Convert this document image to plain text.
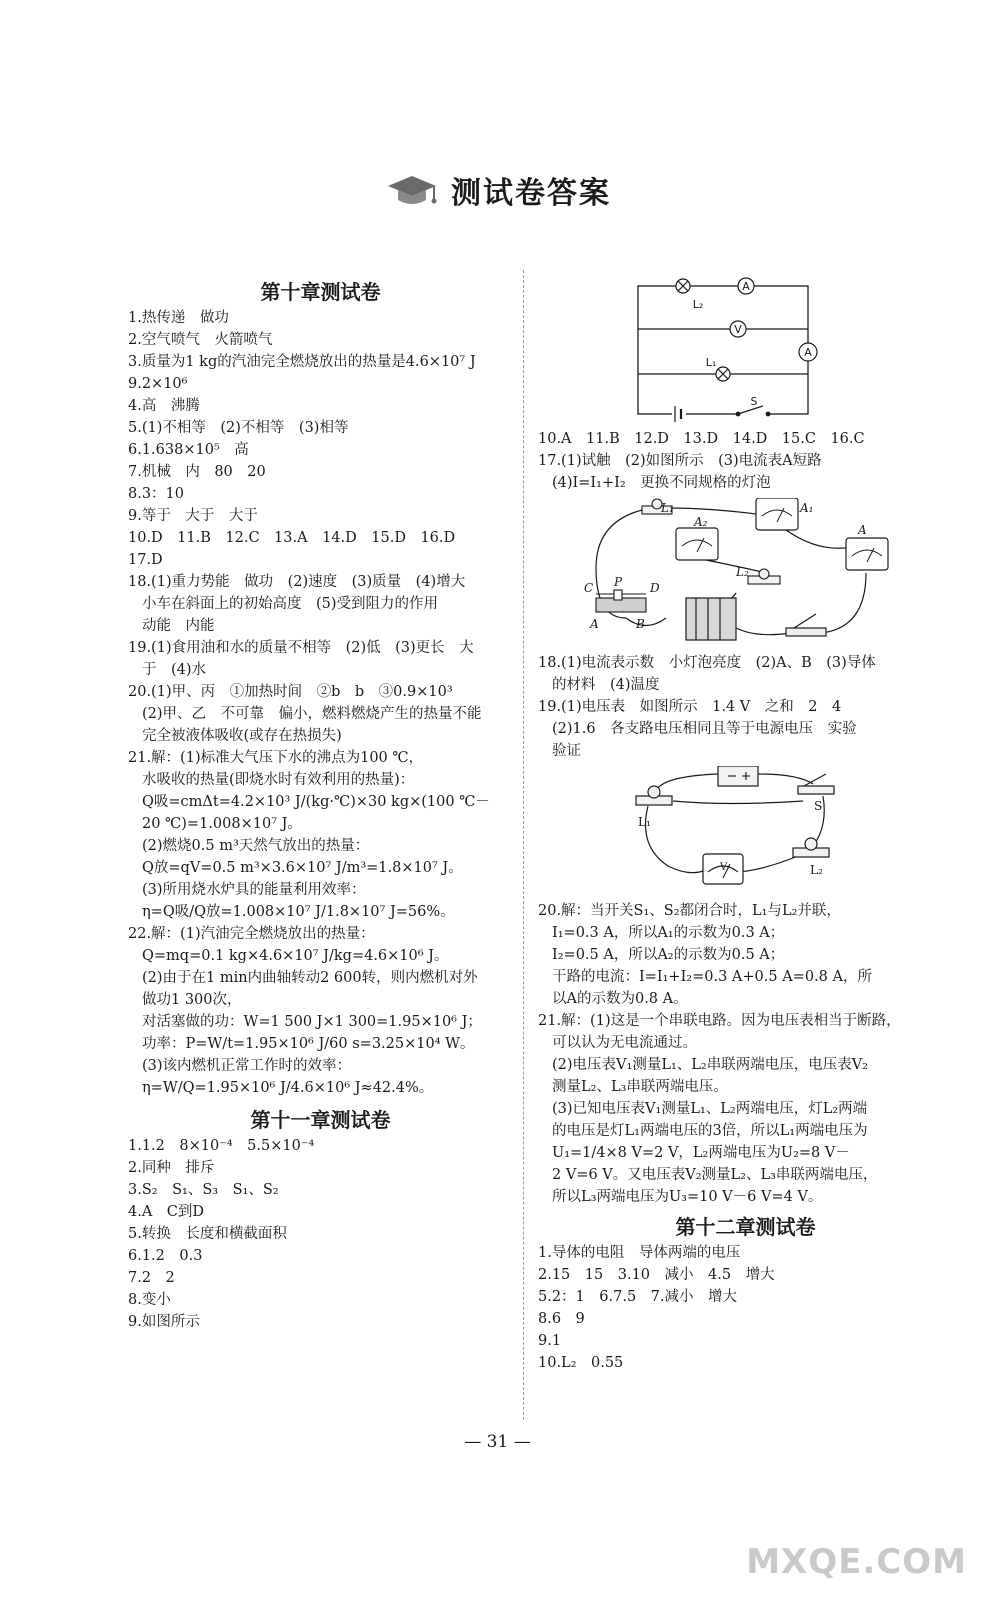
测试卷答案
第十章测试卷

1.热传递　做功

2.空气喷气　火箭喷气

3.质量为1 kg的汽油完全燃烧放出的热量是4.6×10⁷ J

9.2×10⁶

4.高　沸腾

5.(1)不相等　(2)不相等　(3)相等

6.1.638×10⁵　高

7.机械　内　80　20

8.3：10

9.等于　大于　大于

10.D　11.B　12.C　13.A　14.D　15.D　16.D

17.D

18.(1)重力势能　做功　(2)速度　(3)质量　(4)增大

小车在斜面上的初始高度　(5)受到阻力的作用

动能　内能

19.(1)食用油和水的质量不相等　(2)低　(3)更长　大

于　(4)水

20.(1)甲、丙　①加热时间　②b　b　③0.9×10³

(2)甲、乙　不可靠　偏小，燃料燃烧产生的热量不能

完全被液体吸收(或存在热损失)

21.解：(1)标准大气压下水的沸点为100 ℃，

水吸收的热量(即烧水时有效利用的热量)：

Q吸=cmΔt=4.2×10³ J/(kg·℃)×30 kg×(100 ℃－

20 ℃)=1.008×10⁷ J。

(2)燃烧0.5 m³天然气放出的热量：

Q放=qV=0.5 m³×3.6×10⁷ J/m³=1.8×10⁷ J。

(3)所用烧水炉具的能量利用效率：

η=Q吸/Q放=1.008×10⁷ J/1.8×10⁷ J=56%。

22.解：(1)汽油完全燃烧放出的热量：

Q=mq=0.1 kg×4.6×10⁷ J/kg=4.6×10⁶ J。

(2)由于在1 min内曲轴转动2 600转，则内燃机对外

做功1 300次，

对活塞做的功：W=1 500 J×1 300=1.95×10⁶ J；

功率：P=W/t=1.95×10⁶ J/60 s=3.25×10⁴ W。

(3)该内燃机正常工作时的效率：

η=W/Q=1.95×10⁶ J/4.6×10⁶ J≈42.4%。

第十一章测试卷

1.1.2　8×10⁻⁴　5.5×10⁻⁴

2.同种　排斥

3.S₂　S₁、S₃　S₁、S₂

4.A　C到D

5.转换　长度和横截面积

6.1.2　0.3

7.2　2

8.变小

9.如图所示

A
V
A
L₂
L₁
S

10.A　11.B　12.D　13.D　14.D　15.C　16.C

17.(1)试触　(2)如图所示　(3)电流表A短路

(4)I=I₁+I₂　更换不同规格的灯泡

L₁	A₁
A₂
L₂
A
C P D
A	B

18.(1)电流表示数　小灯泡亮度　(2)A、B　(3)导体

的材料　(4)温度

19.(1)电压表　如图所示　1.4 V　之和　2　4

(2)1.6　各支路电压相同且等于电源电压　实验

验证

L₁
L₂
S
V

20.解：当开关S₁、S₂都闭合时，L₁与L₂并联，

I₁=0.3 A，所以A₁的示数为0.3 A；

I₂=0.5 A，所以A₂的示数为0.5 A；

干路的电流：I=I₁+I₂=0.3 A+0.5 A=0.8 A，所

以A的示数为0.8 A。

21.解：(1)这是一个串联电路。因为电压表相当于断路，

可以认为无电流通过。

(2)电压表V₁测量L₁、L₂串联两端电压，电压表V₂

测量L₂、L₃串联两端电压。

(3)已知电压表V₁测量L₁、L₂两端电压，灯L₂两端

的电压是灯L₁两端电压的3倍，所以L₁两端电压为

U₁=1/4×8 V=2 V，L₂两端电压为U₂=8 V－

2 V=6 V。又电压表V₂测量L₂、L₃串联两端电压，

所以L₃两端电压为U₃=10 V－6 V=4 V。

第十二章测试卷

1.导体的电阻　导体两端的电压

2.15　15　3.10　减小　4.5　增大

5.2：1　6.7.5　7.减小　增大

8.6　9

9.1

10.L₂　0.55

— 31 —
MXQE.COM
